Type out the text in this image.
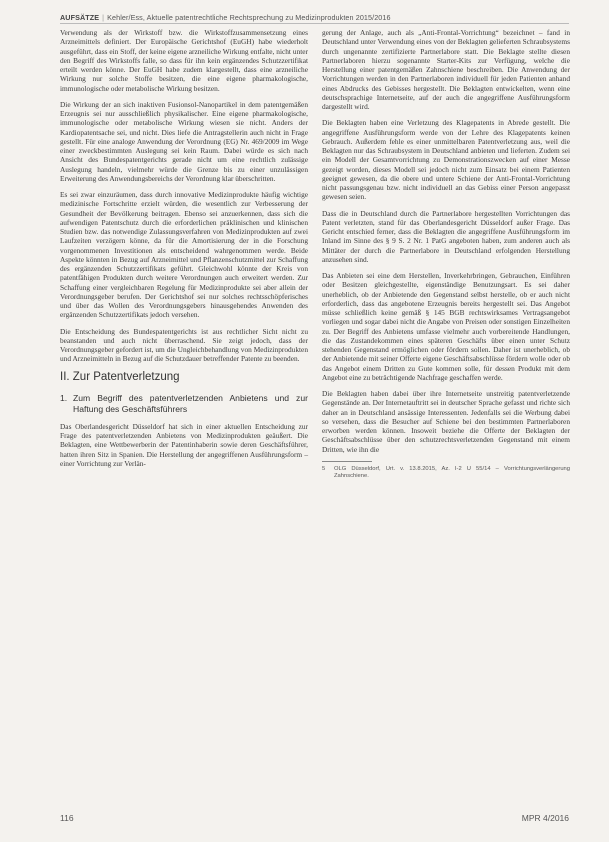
AUFSÄTZE | Kehler/Ess, Aktuelle patentrechtliche Rechtsprechung zu Medizinprodukten 2015/2016

Verwendung als der Wirkstoff bzw. die Wirkstoffzusammensetzung eines Arzneimittels definiert. Der Europäische Gerichtshof (EuGH) habe wiederholt ausgeführt, dass ein Stoff, der keine eigene arzneiliche Wirkung entfalte, nicht unter den Begriff des Wirkstoffs falle, so dass für ihn kein ergänzendes Schutzzertifikat erteilt werden könne. Der EuGH habe zudem klargestellt, dass eine arzneiliche Wirkung nur solche Stoffe besitzen, die eine eigene pharmakologische, immunologische oder metabolische Wirkung besitzen.

Die Wirkung der an sich inaktiven Fusionsol-Nanopartikel in dem patentgemäßen Erzeugnis sei nur ausschließlich physikalischer. Eine eigene pharmakologische, immunologische oder metabolische Wirkung wiesen sie nicht. Anders der Kardiopatentsache sei, und nicht. Dies liefe die Antragstellerin auch nicht in Frage gestellt. Für eine analoge Anwendung der Verordnung (EG) Nr. 469/2009 im Wege einer zweckbestimmten Auslegung sei kein Raum. Dabei würde es sich nach Ansicht des Bundespatentgerichts gerade nicht um eine rechtlich zulässige Auslegung handeln, vielmehr würde die Grenze bis zu einer unzulässigen Erweiterung des Anwendungsbereichs der Verordnung klar überschritten.

Es sei zwar einzuräumen, dass durch innovative Medizinprodukte häufig wichtige medizinische Fortschritte erzielt würden, die wesentlich zur Verbesserung der Gesundheit der Bevölkerung beitragen. Ebenso sei anzuerkennen, dass sich die aufwendigen Patentschutz durch die erforderlichen präklinischen und klinischen Studien bzw. das notwendige Zulassungsverfahren von Medizinprodukten auf zwei Laufzeiten verzögern könne, da für die Amortisierung der in die Forschung vorgenommenen Investitionen als entscheidend wahrgenommen werde. Beide Aspekte könnten in Bezug auf Arzneimittel und Pflanzenschutzmittel zur Schaffung des ergänzenden Schutzzertifikats geführt. Gleichwohl könnte der Kreis von patentfähigen Produkten durch weitere Verordnungen auch erweitert werden. Zur Schaffung einer vergleichbaren Regelung für Medizinprodukte sei aber allein der Verordnungsgeber berufen. Der Gerichtshof sei nur solches rechtsschöpferisches und über das Wollen des Verordnungsgebers hinausgehendes Anwenden des ergänzenden Schutzzertifikats jedoch versehen.

Die Entscheidung des Bundespatentgerichts ist aus rechtlicher Sicht nicht zu beanstanden und auch nicht überraschend. Sie zeigt jedoch, dass der Verordnungsgeber gefordert ist, um die Ungleichbehandlung von Medizinprodukten und Arzneimitteln in Bezug auf die Schutzdauer betreffender Patente zu beenden.

II. Zur Patentverletzung
1. Zum Begriff des patentverletzenden Anbietens und zur Haftung des Geschäftsführers

Das Oberlandesgericht Düsseldorf hat sich in einer aktuellen Entscheidung zur Frage des patentverletzenden Anbietens von Medizinprodukten geäußert. Die Beklagten, eine Wettbewerberin der Patentinhaberin sowie deren Geschäftsführer, hatten ihren Sitz in Spanien. Die Herstellung der angegriffenen Ausführungsform – einer Vorrichtung zur Verlän-

gerung der Anlage, auch als „Anti-Frontal-Vorrichtung“ bezeichnet – fand in Deutschland unter Verwendung eines von der Beklagten gelieferten Schraubsystems durch ungenannte zertifizierte Partnerlabore statt. Die Beklagte stellte diesen Partnerlaboren hierzu sogenannte Starter-Kits zur Verfügung, welche die Herstellung einer patentgemäßen Zahnschiene beschreiben. Die Anwendung der Vorrichtungen werden in den Partnerlaboren individuell für jeden Patienten anhand eines Abdrucks des Gebisses hergestellt. Die Beklagten entwickelten, wenn eine deutschsprachige Internetseite, auf der auch die angegriffene Ausführungsform dargestellt wird.

Die Beklagten haben eine Verletzung des Klagepatents in Abrede gestellt. Die angegriffene Ausführungsform werde von der Lehre des Klagepatents keinen Gebrauch. Außerdem fehle es einer unmittelbaren Patentverletzung aus, weil die Beklagten nur das Schraubsystem in Deutschland anbieten und lieferten. Zudem sei ein Modell der Gesamtvorrichtung zu Demonstrationszwecken auf einer Messe gezeigt worden, dieses Modell sei jedoch nicht zum Einsatz bei einem Patienten geeignet gewesen, da die obere und untere Schiene der Anti-Frontal-Vorrichtung nicht passungsgenau bzw. nicht individuell an das Gebiss einer Person angepasst gewesen seien.

Dass die in Deutschland durch die Partnerlabore hergestellten Vorrichtungen das Patent verletzten, stand für das Oberlandesgericht Düsseldorf außer Frage. Das Gericht entschied ferner, dass die Beklagten die angegriffene Ausführungsform im Inland im Sinne des § 9 S. 2 Nr. 1 PatG angeboten haben, zum anderen auch als Mittäter der durch die Partnerlabore in Deutschland erfolgenden Herstellung anzusehen sind.

Das Anbieten sei eine dem Herstellen, Inverkehrbringen, Gebrauchen, Einführen oder Besitzen gleichgestellte, eigenständige Benutzungsart. Es sei daher unerheblich, ob der Anbietende den Gegenstand selbst herstelle, ob er auch nicht erforderlich, dass das angebotene Erzeugnis bereits hergestellt sei. Das Angebot müsse schließlich keine gemäß § 145 BGB rechtswirksames Vertragsangebot vorliegen und sogar dabei nicht die Angabe von Preisen oder sonstigen Einzelheiten zu. Der Begriff des Anbietens umfasse vielmehr auch vorbereitende Handlungen, die das Zustandekommen eines späteren Geschäfts über einen unter Schutz stehenden Gegenstand ermöglichen oder fördern sollen. Daher ist unerheblich, ob der Anbietende mit seiner Offerte eigene Geschäftsabschlüsse fördern wolle oder ob das Angebot einem Dritten zu Gute kommen solle, für dessen Produkt mit dem Angebot eine zu beträchtigende Nachfrage geschaffen werde.

Die Beklagten haben dabei über ihre Internetseite unstreitig patentverletzende Gegenstände an. Der Internetauftritt sei in deutscher Sprache gefasst und richte sich daher an in Deutschland ansässige Interessenten. Jedenfalls sei die Werbung dabei so versehen, dass die Besucher auf Schiene bei den bestimmten Partnerlaboren erworben werden können. Insoweit beziehe die Offerte der Beklagten der Geschäftsabschlüsse über den schutzrechtsverletzenden Gegenstand mit einem Dritten, wie ihn die

5	OLG Düsseldorf, Urt. v. 13.8.2015, Az. I-2 U 55/14 – Vorrichtungsverlängerung Zahnschiene.
116	MPR 4/2016
